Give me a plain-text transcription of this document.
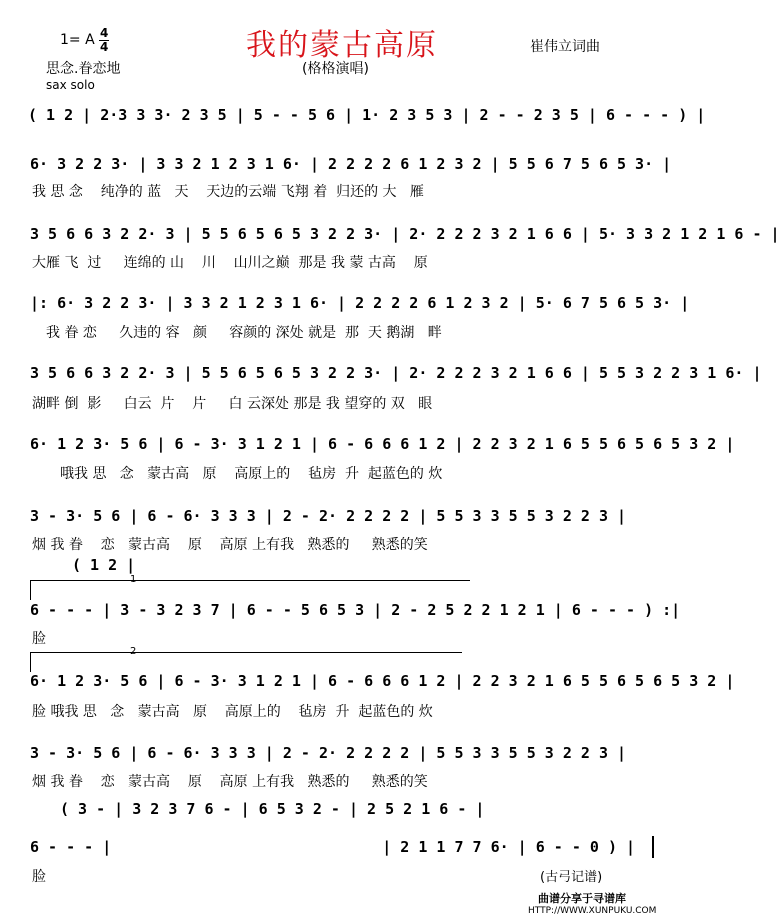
我的蒙古高原
1= A 4
4	崔伟立词曲
思念.眷恋地	(格格演唱)
sax solo
( 1 2 | 2·3 3 3· 2 3 5 | 5 - - 5 6 | 1· 2 3 5 3 | 2 - - 2 3 5 | 6 - - - ) |
6· 3 2 2 3· | 3 3 2 1 2 3 1 6· | 2 2 2 2 6 1 2 3 2 | 5 5 6 7 5 6 5 3· |
我 思 念    纯净的 蓝   天    天边的云端 飞翔 着  归还的 大   雁
3 5 6 6 3 2 2· 3 | 5 5 6 5 6 5 3 2 2 3· | 2· 2 2 2 3 2 1 6 6 | 5· 3 3 2 1 2 1 6 - |
大雁 飞  过     连绵的 山    川    山川之巅  那是 我 蒙 古高    原
|: 6· 3 2 2 3· | 3 3 2 1 2 3 1 6· | 2 2 2 2 6 1 2 3 2 | 5· 6 7 5 6 5 3· |
我 眷 恋     久违的 容   颜     容颜的 深处 就是  那  天 鹅湖   畔
3 5 6 6 3 2 2· 3 | 5 5 6 5 6 5 3 2 2 3· | 2· 2 2 2 3 2 1 6 6 | 5 5 3 2 2 3 1 6· |
湖畔 倒  影     白云  片    片     白 云深处 那是 我 望穿的 双   眼
6· 1 2 3· 5 6 | 6 - 3· 3 1 2 1 | 6 - 6 6 6 1 2 | 2 2 3 2 1 6 5 5 6 5 6 5 3 2 |
哦我 思   念   蒙古高   原    高原上的    毡房  升  起蓝色的 炊
3 - 3· 5 6 | 6 - 6· 3 3 3 | 2 - 2· 2 2 2 2 | 5 5 3 3 5 5 3 2 2 3 |
烟 我 眷    恋   蒙古高    原    高原 上有我   熟悉的     熟悉的笑
( 1 2 |
1
6 - - - | 3 - 3 2 3 7 | 6 - - 5 6 5 3 | 2 - 2 5 2 2 1 2 1 | 6 - - - ) :|
脸
2
6· 1 2 3· 5 6 | 6 - 3· 3 1 2 1 | 6 - 6 6 6 1 2 | 2 2 3 2 1 6 5 5 6 5 6 5 3 2 |
脸 哦我 思   念   蒙古高   原    高原上的    毡房  升  起蓝色的 炊
3 - 3· 5 6 | 6 - 6· 3 3 3 | 2 - 2· 2 2 2 2 | 5 5 3 3 5 5 3 2 2 3 |
烟 我 眷    恋   蒙古高    原    高原 上有我   熟悉的     熟悉的笑
( 3 - | 3 2 3 7 6 - | 6 5 3 2 - | 2 5 2 1 6 - |
6 - - - |                              | 2 1 1 7 7 6· | 6 - - 0 ) |
脸	(古弓记谱)
曲谱分享于寻谱库
HTTP://WWW.XUNPUKU.COM
